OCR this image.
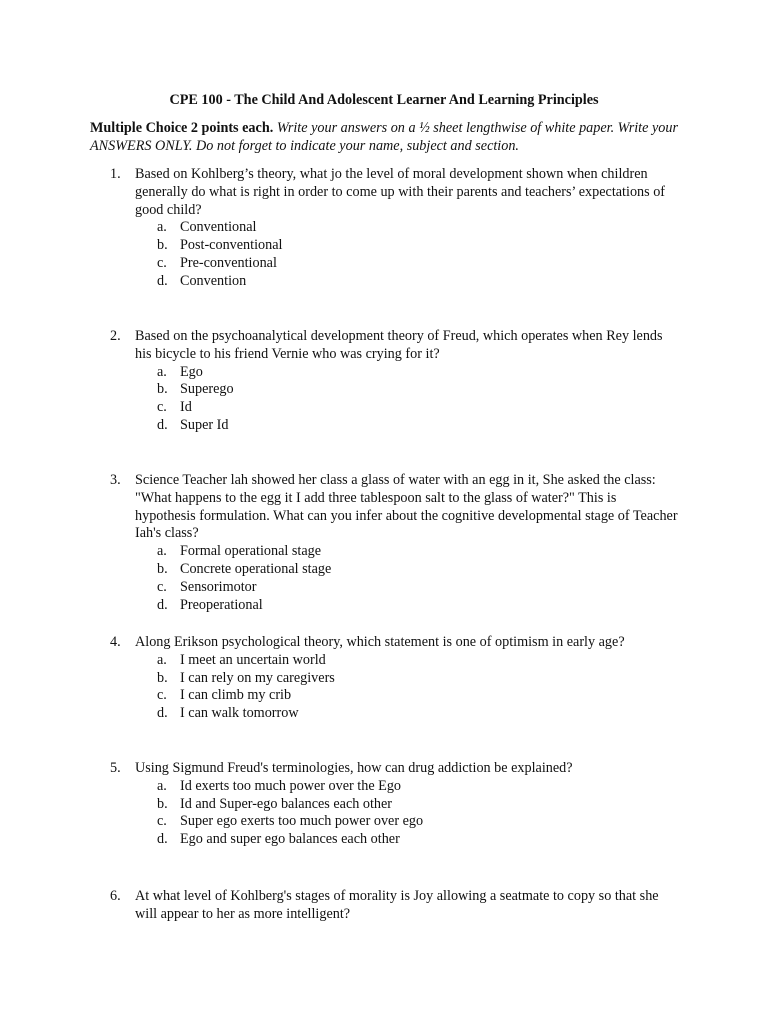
CPE 100 - The Child And Adolescent Learner And Learning Principles
Multiple Choice 2 points each. Write your answers on a ½ sheet lengthwise of white paper. Write your ANSWERS ONLY. Do not forget to indicate your name, subject and section.
1.	Based on Kohlberg’s theory, what jo the level of moral development shown when children generally do what is right in order to come up with their parents and teachers’ expectations of good child?
a. Conventional
b. Post-conventional
c. Pre-conventional
d. Convention
2.	Based on the psychoanalytical development theory of Freud, which operates when Rey lends his bicycle to his friend Vernie who was crying for it?
a. Ego
b. Superego
c. Id
d. Super Id
3.	Science Teacher lah showed her class a glass of water with an egg in it, She asked the class: "What happens to the egg it I add three tablespoon salt to the glass of water?" This is hypothesis formulation. What can you infer about the cognitive developmental stage of Teacher Iah's class?
a. Formal operational stage
b. Concrete operational stage
c. Sensorimotor
d. Preoperational
4.	Along Erikson psychological theory, which statement is one of optimism in early age?
a. I meet an uncertain world
b. I can rely on my caregivers
c. I can climb my crib
d. I can walk tomorrow
5.	Using Sigmund Freud's terminologies, how can drug addiction be explained?
a. Id exerts too much power over the Ego
b. Id and Super-ego balances each other
c. Super ego exerts too much power over ego
d. Ego and super ego balances each other
6.	At what level of Kohlberg's stages of morality is Joy allowing a seatmate to copy so that she will appear to her as more intelligent?
